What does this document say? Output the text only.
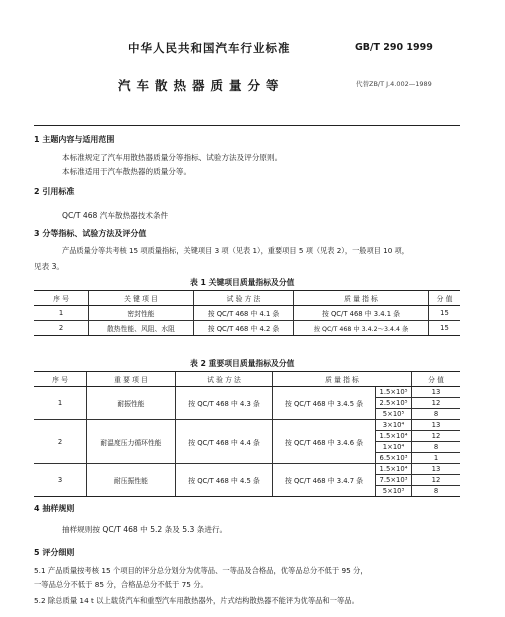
中华人民共和国汽车行业标准	GB/T 290 1999
汽车散热器质量分等	代替ZB/T J.4.002—1989
1 主题内容与适用范围
本标准规定了汽车用散热器质量分等指标、试验方法及评分原则。
本标准适用于汽车散热器的质量分等。
2 引用标准
QC/T 468 汽车散热器技术条件
3 分等指标、试验方法及评分值
产品质量分等共考核 15 项质量指标，关键项目 3 项（见表 1），重要项目 5 项（见表 2），一般项目 10 项，
见表 3。
表 1 关键项目质量指标及分值
序 号	关 键 项 目	试 验 方 法	质 量 指 标	分 值
1	密封性能	按 QC/T 468 中 4.1 条	按 QC/T 468 中 3.4.1 条	15
2	散热性能、风阻、水阻	按 QC/T 468 中 4.2 条	按 QC/T 468 中 3.4.2～3.4.4 条	15
表 2 重要项目质量指标及分值
序 号	重 要 项 目	试 验 方 法	质 量 指 标		分 值
1	耐振性能	按 QC/T 468 中 4.3 条	按 QC/T 468 中 3.4.5 条	1.5×10⁵	13
				2.5×10⁵	12
				5×10⁵	8
2	耐温度压力循环性能	按 QC/T 468 中 4.4 条	按 QC/T 468 中 3.4.6 条	3×10⁴	13
				1.5×10⁴	12
				1×10⁴	8
				6.5×10³	1
3	耐压振性能	按 QC/T 468 中 4.5 条	按 QC/T 468 中 3.4.7 条	1.5×10⁴	13
				7.5×10³	12
				5×10³	8
4 抽样规则
抽样规则按 QC/T 468 中 5.2 条及 5.3 条进行。
5 评分细则
5.1 产品质量按考核 15 个项目的评分总分划分为优等品、一等品及合格品，优等品总分不低于 95 分，
一等品总分不低于 85 分，合格品总分不低于 75 分。
5.2 除总质量 14 t 以上载货汽车和重型汽车用散热器外，片式结构散热器不能评为优等品和一等品。
